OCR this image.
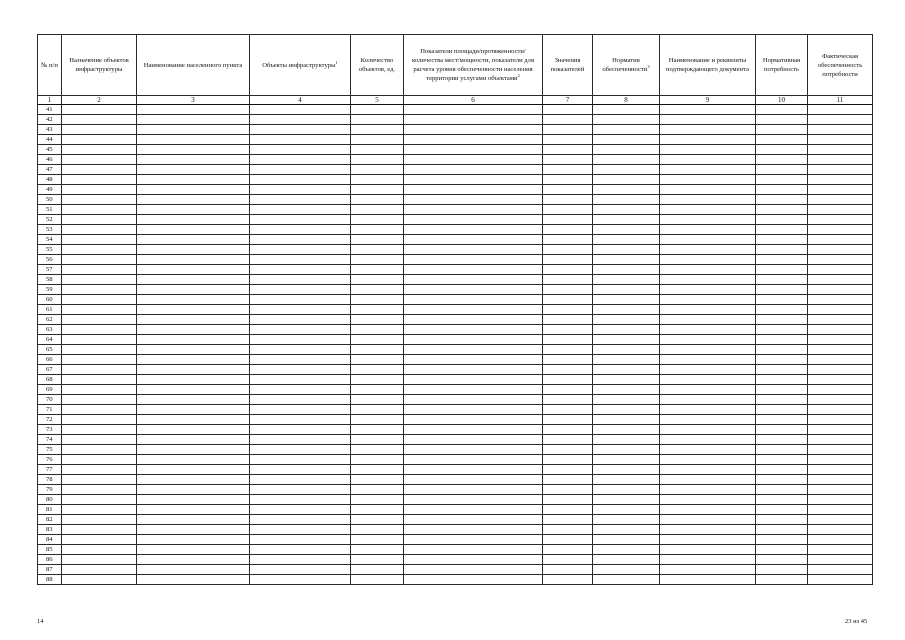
№ п/п	Назначение объектов инфраструктуры	Наименование населенного пункта	Объекты инфраструктуры$^1$	Количество объектов, ед.	Показатели площади/протяженности/количества мест/мощности, показатели для расчета уровня обеспеченности населения территории услугами объектами$^2$	Значения показателей	Норматив обеспеченности$^3$	Наименование и реквизиты подтверждающего документа	Нормативная потребность	Фактическая обеспеченность потребности
1	2	3	4	5	6	7	8	9	10	11
41										
42										
43										
44										
45										
46										
47										
48										
49										
50										
51										
52										
53										
54										
55										
56										
57										
58										
59										
60										
61										
62										
63										
64										
65										
66										
67										
68										
69										
70										
71										
72										
73										
74										
75										
76										
77										
78										
79										
80										
81										
82										
83										
84										
85										
86										
87										
88										
14	23 из 45
